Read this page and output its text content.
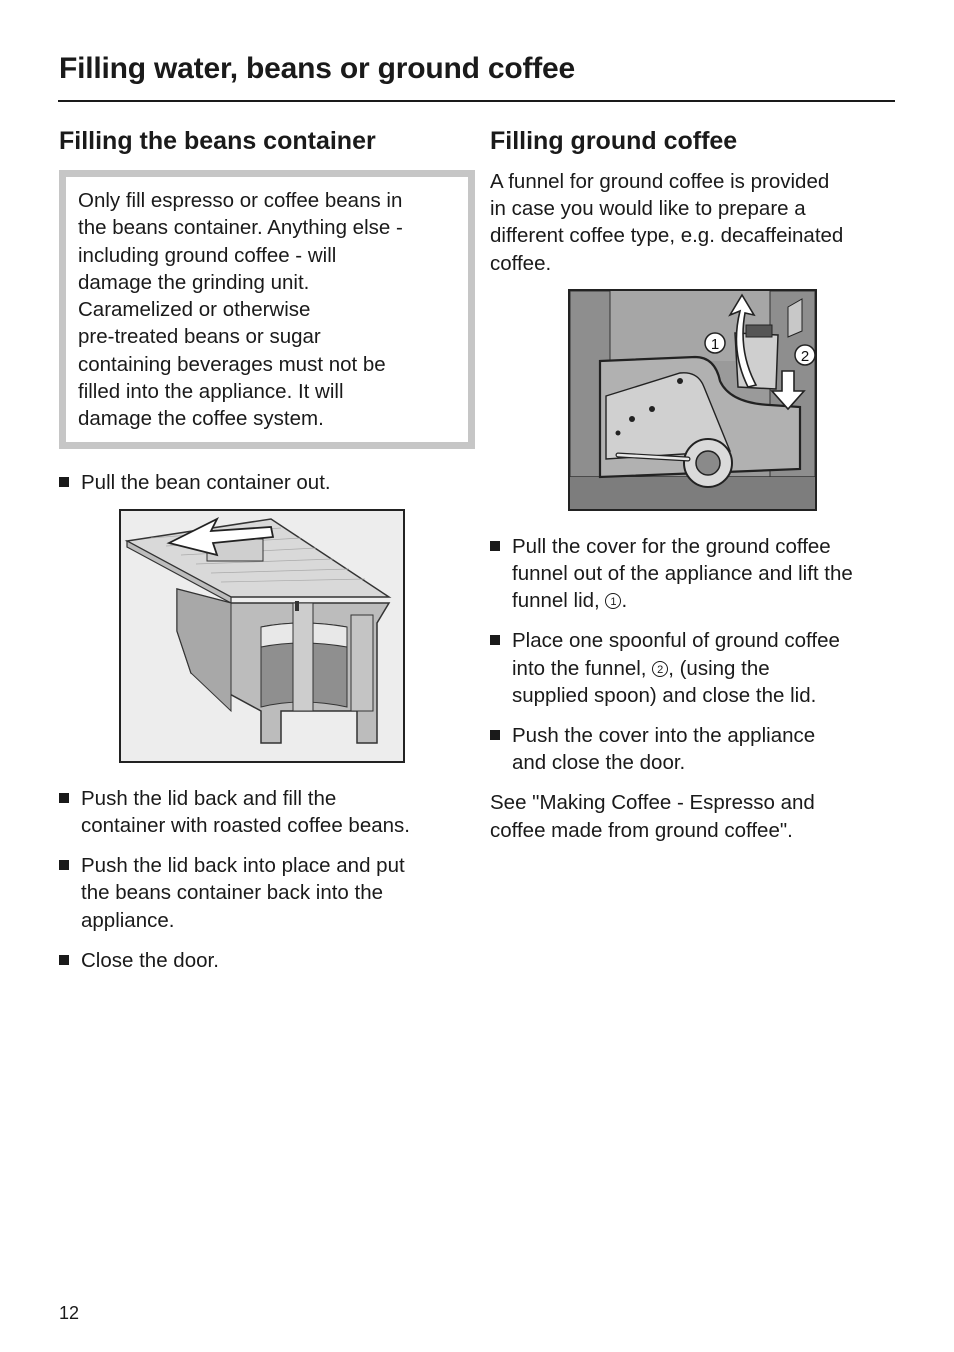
Filling water, beans or ground coffee
Filling the beans container
Only fill espresso or coffee beans in
the beans container. Anything else -
including ground coffee - will
damage the grinding unit.
Caramelized or otherwise
pre-treated beans or sugar
containing beverages must not be
filled into the appliance. It will
damage the coffee system.
Pull the bean container out.
Push the lid back and fill the
container with roasted coffee beans.
Push the lid back into place and put
the beans container back into the
appliance.
Close the door.
Filling ground coffee
A funnel for ground coffee is provided
in case you would like to prepare a
different coffee type, e.g. decaffeinated
coffee.
1
2
Pull the cover for the ground coffee
funnel out of the appliance and lift the
funnel lid, 1 .
Place one spoonful of ground coffee
into the funnel, 2 , (using the
supplied spoon) and close the lid.
Push the cover into the appliance
and close the door.
See "Making Coffee - Espresso and
coffee made from ground coffee".
12
